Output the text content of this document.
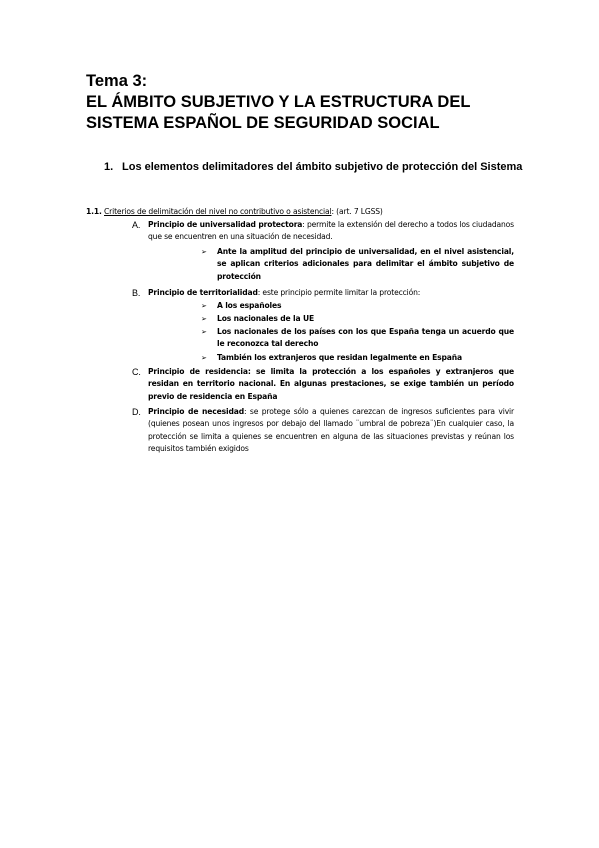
Tema 3:
EL ÁMBITO SUBJETIVO Y LA ESTRUCTURA DEL
SISTEMA ESPAÑOL DE SEGURIDAD SOCIAL
1. Los elementos delimitadores del ámbito subjetivo de protección del Sistema
1.1. Criterios de delimitación del nivel no contributivo o asistencial: (art. 7 LGSS)
A. Principio de universalidad protectora: permite la extensión del derecho a todos los ciudadanos que se encuentren en una situación de necesidad.
➢ Ante la amplitud del principio de universalidad, en el nivel asistencial, se aplican criterios adicionales para delimitar el ámbito subjetivo de protección
B. Principio de territorialidad: este principio permite limitar la protección:
➢ A los españoles
➢ Los nacionales de la UE
➢ Los nacionales de los países con los que España tenga un acuerdo que le reconozca tal derecho
➢ También los extranjeros que residan legalmente en España
C. Principio de residencia: se limita la protección a los españoles y extranjeros que residan en territorio nacional. En algunas prestaciones, se exige también un período previo de residencia en España
D. Principio de necesidad: se protege sólo a quienes carezcan de ingresos suficientes para vivir (quienes posean unos ingresos por debajo del llamado ¨umbral de pobreza¨)En cualquier caso, la protección se limita a quienes se encuentren en alguna de las situaciones previstas y reúnan los requisitos también exigidos
